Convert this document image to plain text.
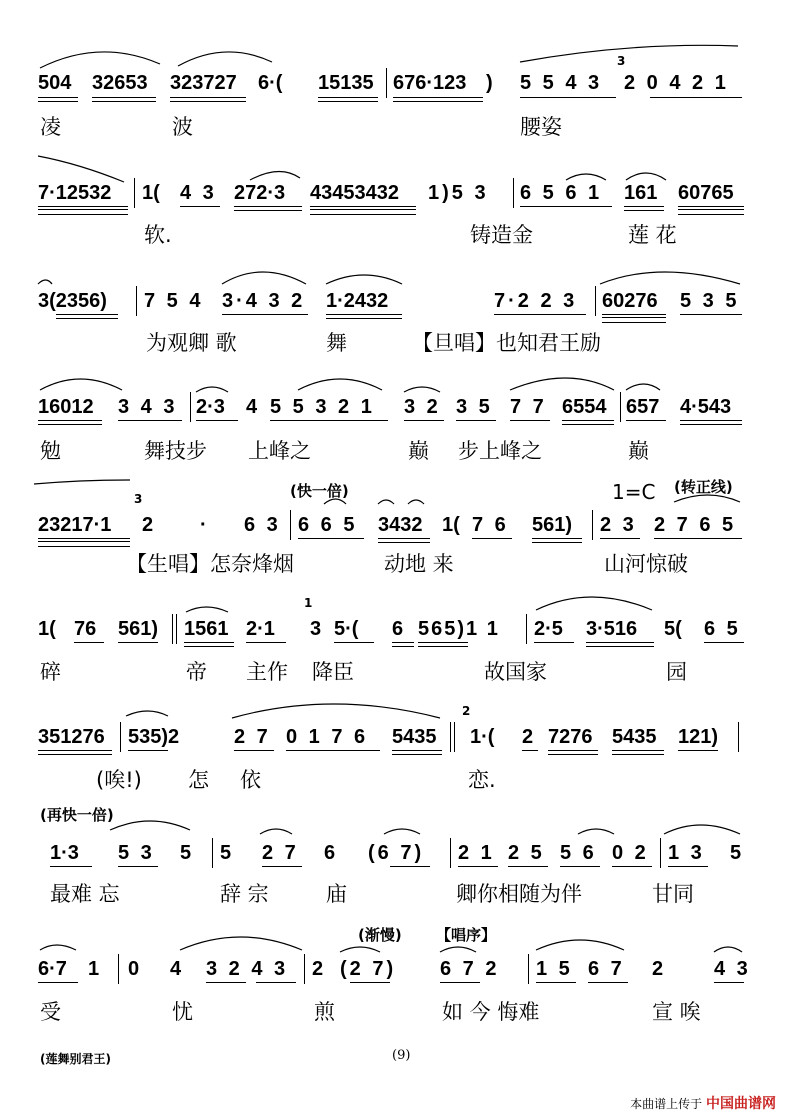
504 32653 323727 6·( 15135 676·123 ) 5 5 4 3 2 0 4 2 1
3
凌	波	腰姿
7·12532 1( 4 3 272·3 43453432 1)5 3 6 5 6 1 161 60765
软.	铸造金	莲 花
3(2356) 7 5 4 3·4 3 2 1·2432	7·2 2 3 60276 5 3 5
为观卿 歌	舞	【旦唱】也知君王励
16012 3 4 3 2·3 4 5 5 3 2 1 3 2 3 5 7 7 6554 657 4·543
勉	舞技步 上峰之	巅 步上峰之	巅
(快一倍)	1=C (转正线)
3
23217·1 2 · 6 3 6 6 5 3432 1( 7 6 561) 2 3 2 7 6 5
【生唱】怎奈烽烟	动地 来	山河惊破
1
1( 76 561) 1561 2·1 3 5·( 6 565)1 1 2·5 3·516 5( 6 5
碎	帝 主作 降臣	故国家	园
2
351276 535)2	2 7 0 1 7 6 5435 1·( 2 7276 5435 121)
(唉!) 怎 依	恋.
(再快一倍)
1·3 5 3 5 5 2 7 6 (6 7) 2 1 2 5 5 6 0 2 1 3 5
最难 忘	辞 宗	庙	卿你相随为伴	甘同
(渐慢) 【唱序】
6·7 1 0 4 3 2 4 3 2 (2 7) 6 7 2 1 5 6 7 2	4 3
受	忧	煎	如 今 悔难	宣 唉
(莲舞别君王)	(9)
本曲谱上传于 中国曲谱网
